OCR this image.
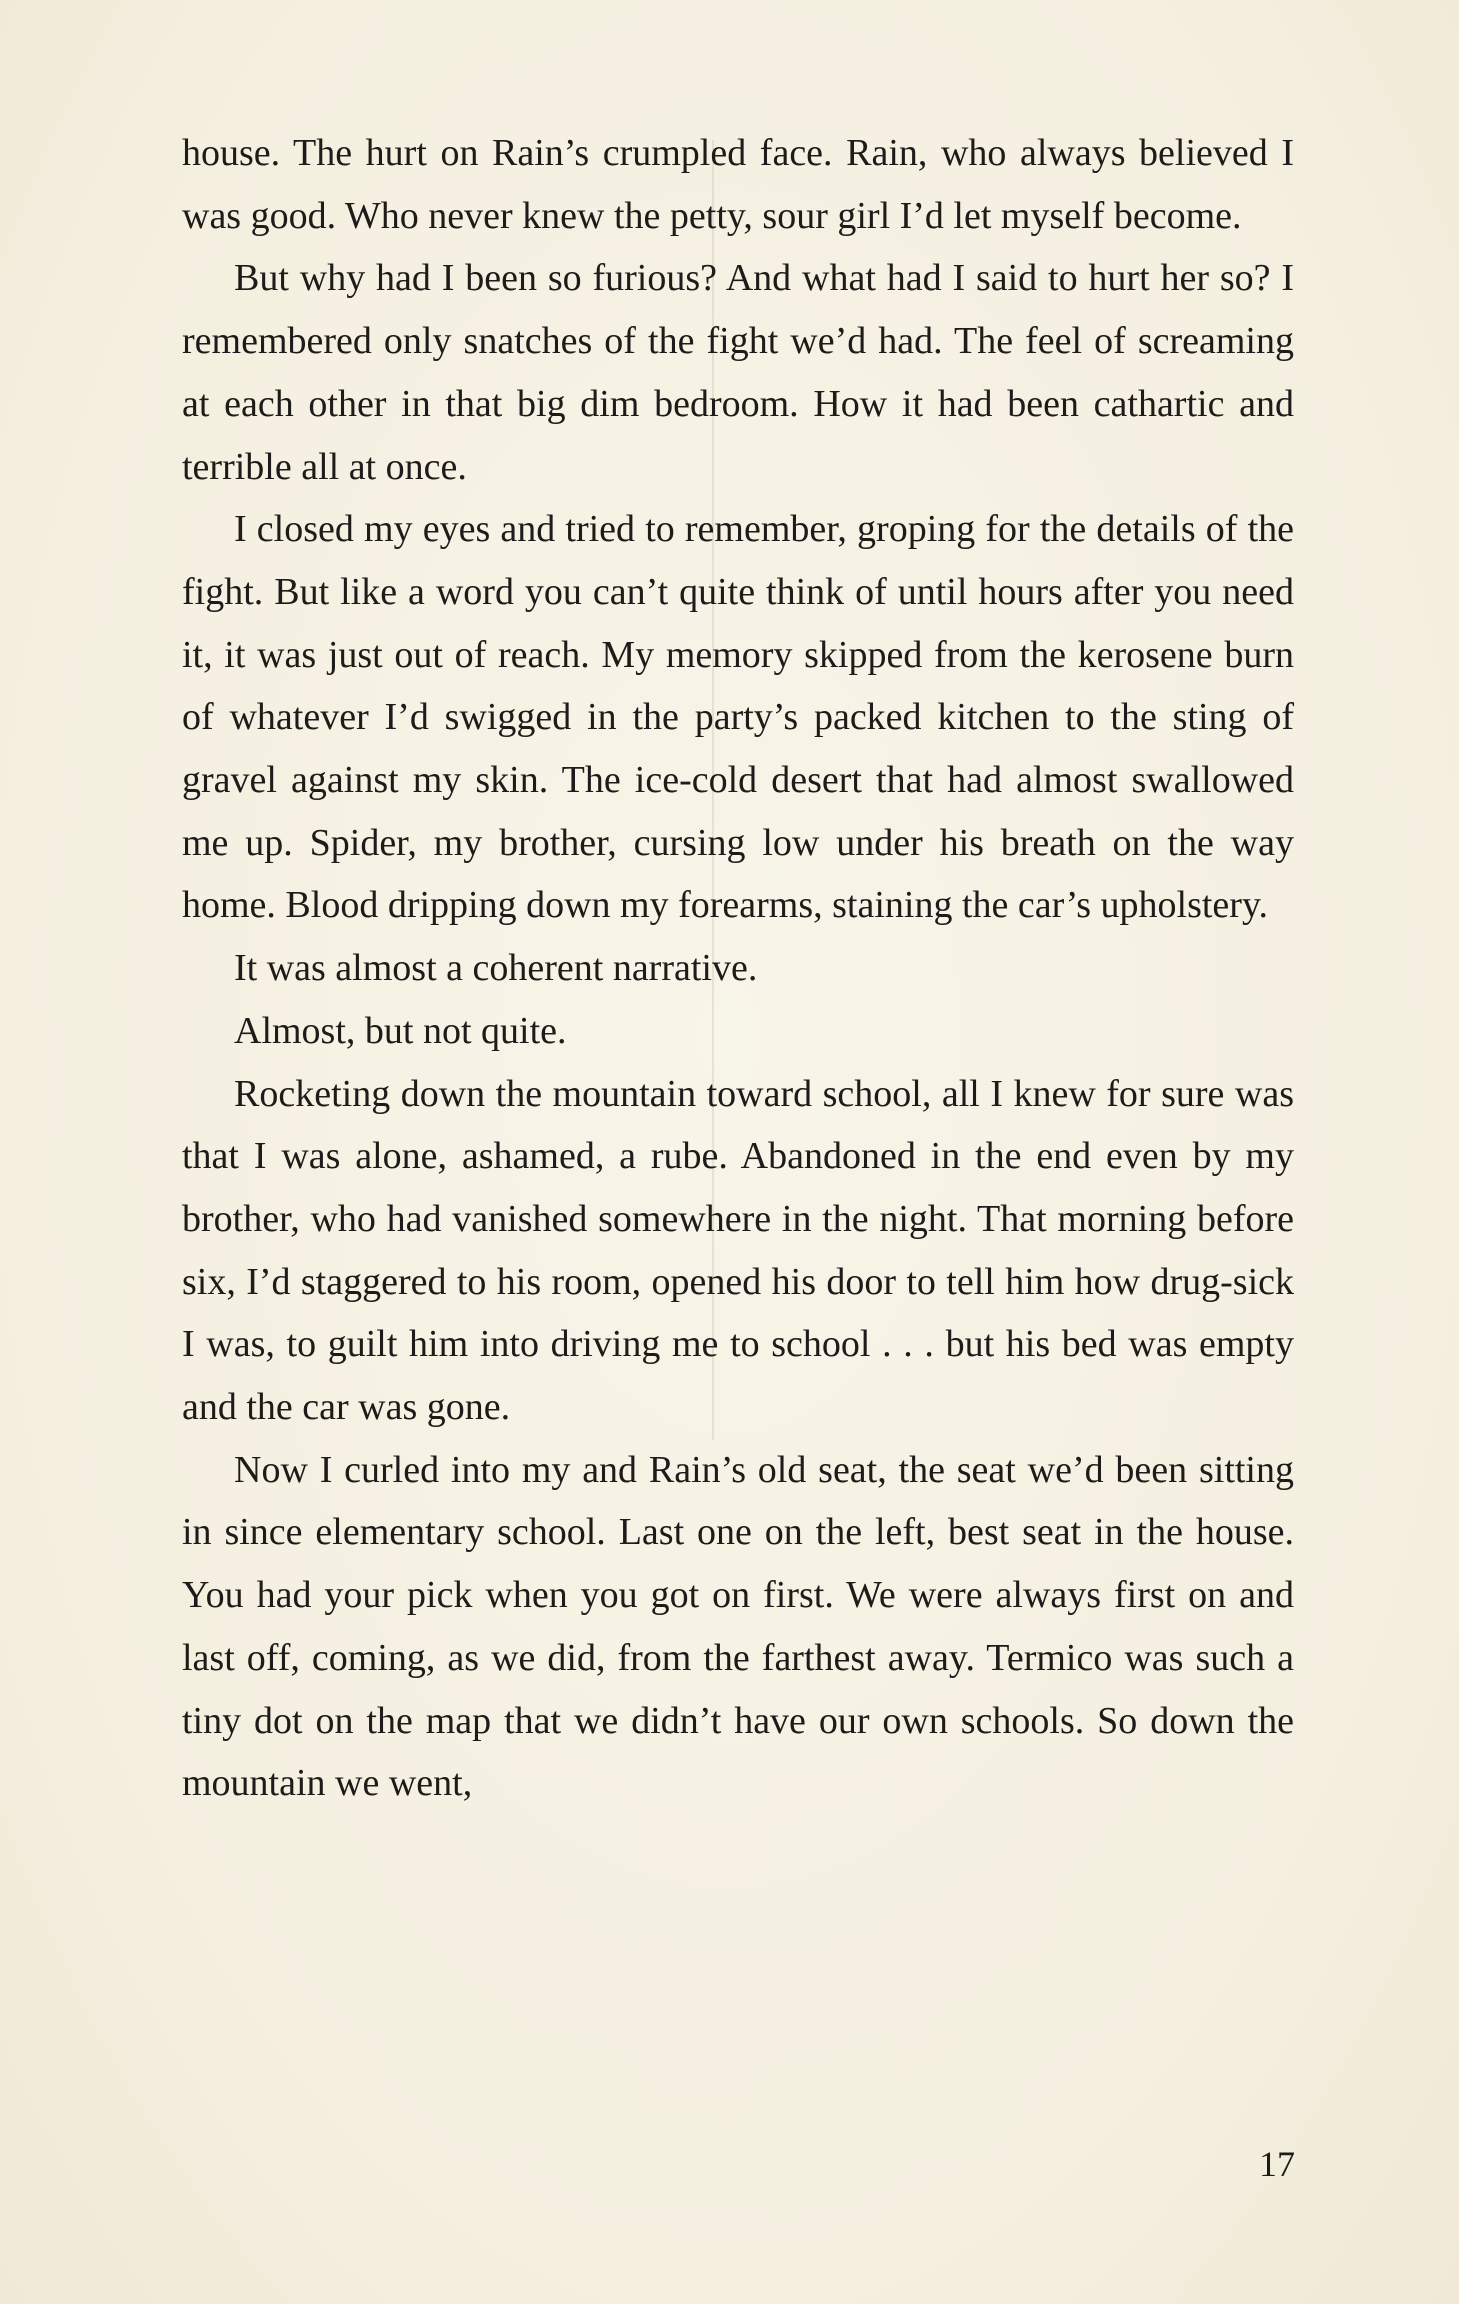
house. The hurt on Rain’s crumpled face. Rain, who always believed I was good. Who never knew the petty, sour girl I’d let myself become.

But why had I been so furious? And what had I said to hurt her so? I remembered only snatches of the fight we’d had. The feel of screaming at each other in that big dim bedroom. How it had been cathartic and terrible all at once.

I closed my eyes and tried to remember, groping for the details of the fight. But like a word you can’t quite think of until hours after you need it, it was just out of reach. My memory skipped from the kerosene burn of whatever I’d swigged in the party’s packed kitchen to the sting of gravel against my skin. The ice-cold desert that had almost swallowed me up. Spider, my brother, cursing low under his breath on the way home. Blood dripping down my forearms, staining the car’s upholstery.

It was almost a coherent narrative.

Almost, but not quite.

Rocketing down the mountain toward school, all I knew for sure was that I was alone, ashamed, a rube. Abandoned in the end even by my brother, who had vanished somewhere in the night. That morning before six, I’d staggered to his room, opened his door to tell him how drug-sick I was, to guilt him into driving me to school . . . but his bed was empty and the car was gone.

Now I curled into my and Rain’s old seat, the seat we’d been sitting in since elementary school. Last one on the left, best seat in the house. You had your pick when you got on first. We were always first on and last off, coming, as we did, from the farthest away. Termico was such a tiny dot on the map that we didn’t have our own schools. So down the mountain we went,

17
